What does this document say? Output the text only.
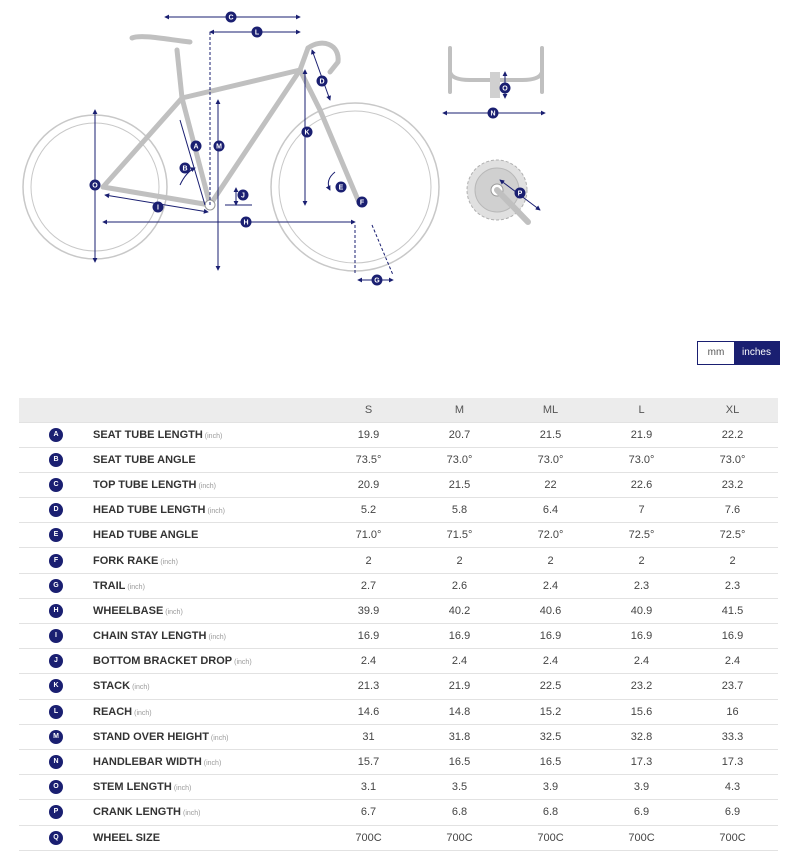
C
L
D
K
A	M
B
O	E
J
F
I
H
G
O
N
P
mm	inches
		S	M	ML	L	XL
A	SEAT TUBE LENGTH (inch)	19.9	20.7	21.5	21.9	22.2
B	SEAT TUBE ANGLE	73.5°	73.0°	73.0°	73.0°	73.0°
C	TOP TUBE LENGTH (inch)	20.9	21.5	22	22.6	23.2
D	HEAD TUBE LENGTH (inch)	5.2	5.8	6.4	7	7.6
E	HEAD TUBE ANGLE	71.0°	71.5°	72.0°	72.5°	72.5°
F	FORK RAKE (inch)	2	2	2	2	2
G	TRAIL (inch)	2.7	2.6	2.4	2.3	2.3
H	WHEELBASE (inch)	39.9	40.2	40.6	40.9	41.5
I	CHAIN STAY LENGTH (inch)	16.9	16.9	16.9	16.9	16.9
J	BOTTOM BRACKET DROP (inch)	2.4	2.4	2.4	2.4	2.4
K	STACK (inch)	21.3	21.9	22.5	23.2	23.7
L	REACH (inch)	14.6	14.8	15.2	15.6	16
M	STAND OVER HEIGHT (inch)	31	31.8	32.5	32.8	33.3
N	HANDLEBAR WIDTH (inch)	15.7	16.5	16.5	17.3	17.3
O	STEM LENGTH (inch)	3.1	3.5	3.9	3.9	4.3
P	CRANK LENGTH (inch)	6.7	6.8	6.8	6.9	6.9
Q	WHEEL SIZE	700C	700C	700C	700C	700C
